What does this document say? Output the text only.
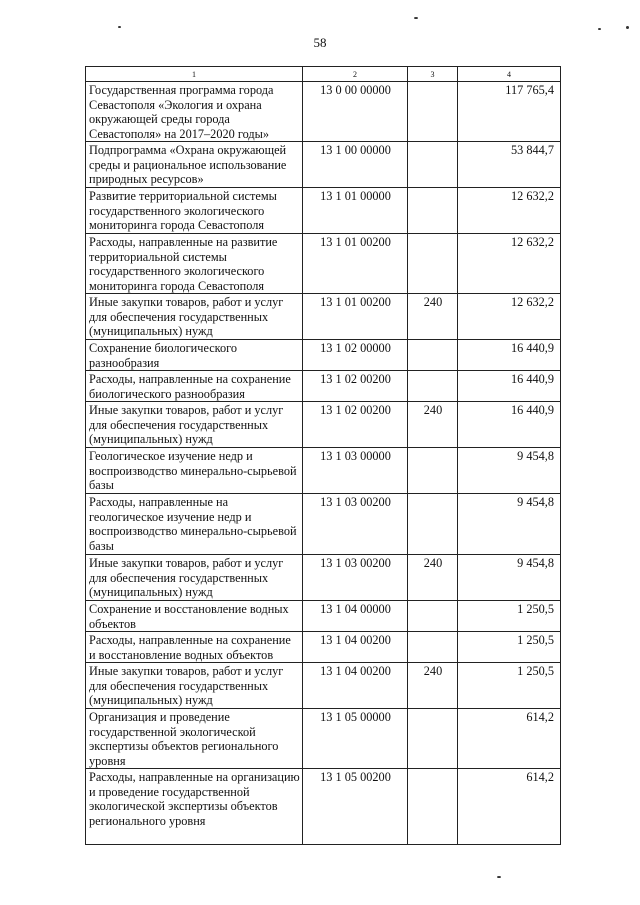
58
1	2	3	4
Государственная программа города Севастополя «Экология и охрана окружающей среды города Севастополя» на 2017–2020 годы»	13 0 00 00000		117 765,4
Подпрограмма «Охрана окружающей среды и рациональное использование природных ресурсов»	13 1 00 00000		53 844,7
Развитие территориальной системы государственного экологического мониторинга города Севастополя	13 1 01 00000		12 632,2
Расходы, направленные на развитие территориальной системы государственного экологического мониторинга города Севастополя	13 1 01 00200		12 632,2
Иные закупки товаров, работ и услуг для обеспечения государственных (муниципальных) нужд	13 1 01 00200	240	12 632,2
Сохранение биологического разнообразия	13 1 02 00000		16 440,9
Расходы, направленные на сохранение биологического разнообразия	13 1 02 00200		16 440,9
Иные закупки товаров, работ и услуг для обеспечения государственных (муниципальных) нужд	13 1 02 00200	240	16 440,9
Геологическое изучение недр и воспроизводство минерально-сырьевой базы	13 1 03 00000		9 454,8
Расходы, направленные на геологическое изучение недр и воспроизводство минерально-сырьевой базы	13 1 03 00200		9 454,8
Иные закупки товаров, работ и услуг для обеспечения государственных (муниципальных) нужд	13 1 03 00200	240	9 454,8
Сохранение и восстановление водных объектов	13 1 04 00000		1 250,5
Расходы, направленные на сохранение и восстановление водных объектов	13 1 04 00200		1 250,5
Иные закупки товаров, работ и услуг для обеспечения государственных (муниципальных) нужд	13 1 04 00200	240	1 250,5
Организация и проведение государственной экологической экспертизы объектов регионального уровня	13 1 05 00000		614,2
Расходы, направленные на организацию и проведение государственной экологической экспертизы объектов регионального уровня	13 1 05 00200		614,2
